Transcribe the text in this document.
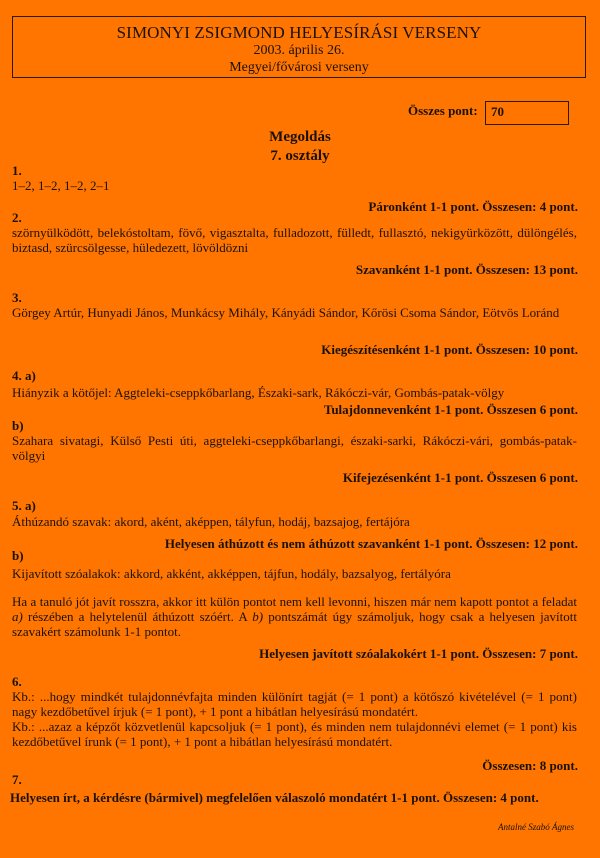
SIMONYI ZSIGMOND HELYESÍRÁSI VERSENY
2003. április 26.
Megyei/fővárosi verseny
Összes pont:	70
Megoldás
7. osztály
1.
1–2, 1–2, 1–2, 2–1
Páronként 1-1 pont. Összesen: 4 pont.
2.
szörnyülködött, belekóstoltam, fövő, vigasztalta, fulladozott, fülledt, fullasztó, nekigyürközött, dülöngélés, biztasd, szürcsölgesse, hüledezett, lövöldözni
Szavanként 1-1 pont. Összesen: 13 pont.
3.
Görgey Artúr, Hunyadi János, Munkácsy Mihály, Kányádi Sándor, Kőrösi Csoma Sándor, Eötvös Loránd
Kiegészítésenként 1-1 pont. Összesen: 10 pont.
4. a)
Hiányzik a kötőjel: Aggteleki-cseppkőbarlang, Északi-sark, Rákóczi-vár, Gombás-patak-völgy
Tulajdonnevenként 1-1 pont. Összesen 6 pont.
b)
Szahara sivatagi, Külső Pesti úti, aggteleki-cseppkőbarlangi, északi-sarki, Rákóczi-vári, gombás-patak-völgyi
Kifejezésenként 1-1 pont. Összesen 6 pont.
5. a)
Áthúzandó szavak: akord, aként, aképpen, tályfun, hodáj, bazsajog, fertájóra
Helyesen áthúzott és nem áthúzott szavanként 1-1 pont. Összesen: 12 pont.
b)
Kijavított szóalakok: akkord, akként, akképpen, tájfun, hodály, bazsalyog, fertályóra
Ha a tanuló jót javít rosszra, akkor itt külön pontot nem kell levonni, hiszen már nem kapott pontot a feladat a) részében a helytelenül áthúzott szóért. A b) pontszámát úgy számoljuk, hogy csak a helyesen javított szavakért számolunk 1-1 pontot.
Helyesen javított szóalakokért 1-1 pont. Összesen: 7 pont.
6.
Kb.: ...hogy mindkét tulajdonnévfajta minden különírt tagját (= 1 pont) a kötőszó kivételével (= 1 pont) nagy kezdőbetűvel írjuk (= 1 pont), + 1 pont a hibátlan helyesírású mondatért.
Kb.: ...azaz a képzőt közvetlenül kapcsoljuk (= 1 pont), és minden nem tulajdonnévi elemet (= 1 pont) kis kezdőbetűvel írunk (= 1 pont), + 1 pont a hibátlan helyesírású mondatért.
Összesen: 8 pont.
7.
Helyesen írt, a kérdésre (bármivel) megfelelően válaszoló mondatért 1-1 pont. Összesen: 4 pont.
Antalné Szabó Ágnes
